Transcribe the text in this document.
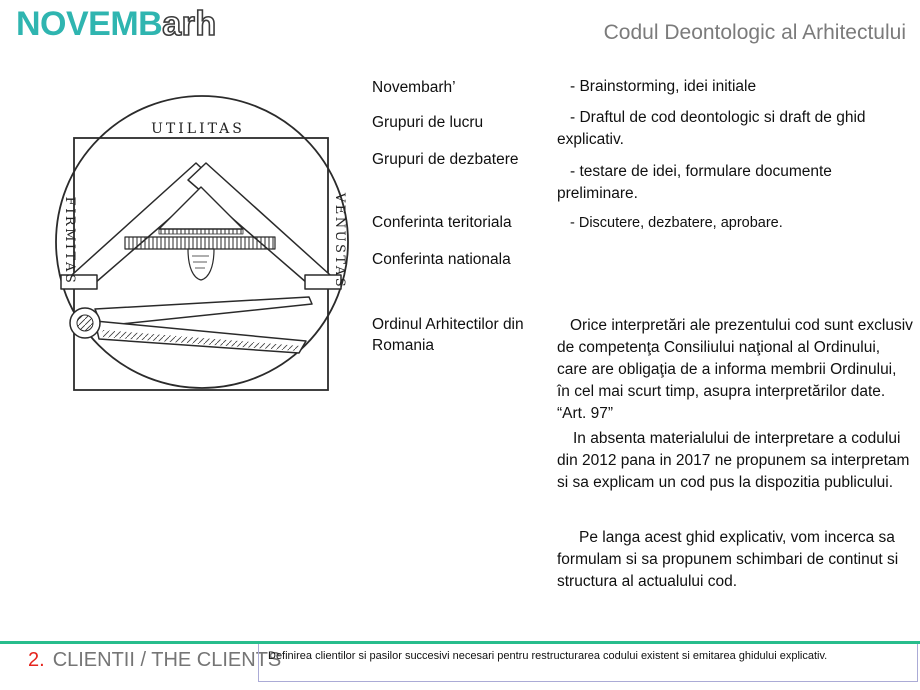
NOVEMBarh	Codul Deontologic al Arhitectului
UTILITAS
FIRMITAS	VENUSTAS
Novembarh’
Grupuri de lucru
Grupuri de dezbatere
Conferinta teritoriala
Conferinta nationala
Ordinul Arhitectilor din Romania
- Brainstorming, idei initiale
- Draftul de cod deontologic si draft de ghid explicativ.
- testare de idei, formulare documente preliminare.
- Discutere, dezbatere, aprobare.
Orice interpretări ale prezentului cod sunt exclusiv de competenţa Consiliului naţional al Ordinului, care are obligaţia de a informa membrii Ordinului, în cel mai scurt timp, asupra interpretărilor date. “Art. 97”
In absenta materialului de interpretare a codului din 2012 pana in 2017 ne propunem sa interpretam si sa explicam un cod pus la dispozitia publicului.
Pe langa acest ghid explicativ, vom incerca sa formulam si sa propunem schimbari de continut si structura al actualului cod.
2. CLIENTII / THE CLIENTS
Definirea clientilor si pasilor succesivi necesari pentru restructurarea codului existent si emitarea ghidului explicativ.
